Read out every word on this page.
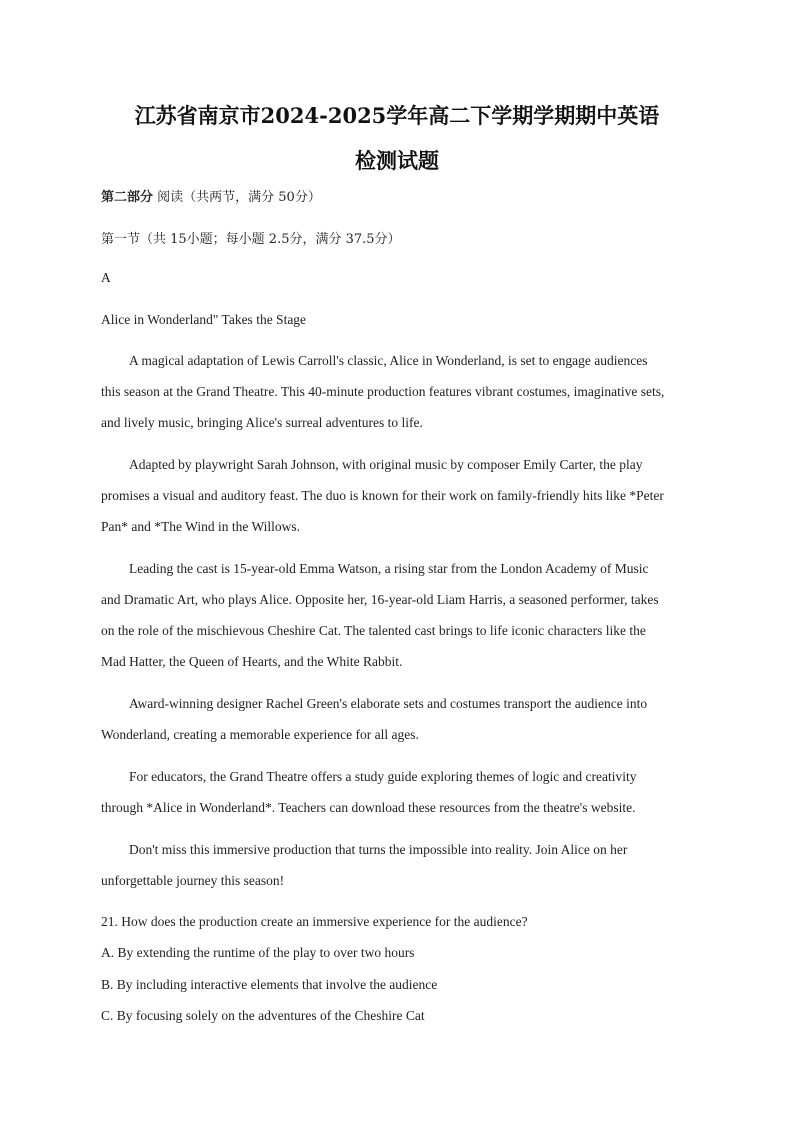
江苏省南京市2024-2025学年高二下学期学期期中英语
检测试题
第二部分 阅读（共两节，满分 50分）
第一节（共 15小题；每小题 2.5分，满分 37.5分）
A
Alice in Wonderland" Takes the Stage
A magical adaptation of Lewis Carroll's classic, Alice in Wonderland, is set to engage audiences
this season at the Grand Theatre. This 40-minute production features vibrant costumes, imaginative sets,
and lively music, bringing Alice's surreal adventures to life.
Adapted by playwright Sarah Johnson, with original music by composer Emily Carter, the play
promises a visual and auditory feast. The duo is known for their work on family-friendly hits like *Peter
Pan* and *The Wind in the Willows.
Leading the cast is 15-year-old Emma Watson, a rising star from the London Academy of Music
and Dramatic Art, who plays Alice. Opposite her, 16-year-old Liam Harris, a seasoned performer, takes
on the role of the mischievous Cheshire Cat. The talented cast brings to life iconic characters like the
Mad Hatter, the Queen of Hearts, and the White Rabbit.
Award-winning designer Rachel Green's elaborate sets and costumes transport the audience into
Wonderland, creating a memorable experience for all ages.
For educators, the Grand Theatre offers a study guide exploring themes of logic and creativity
through *Alice in Wonderland*. Teachers can download these resources from the theatre's website.
Don't miss this immersive production that turns the impossible into reality. Join Alice on her
unforgettable journey this season!
21. How does the production create an immersive experience for the audience?
A. By extending the runtime of the play to over two hours
B. By including interactive elements that involve the audience
C. By focusing solely on the adventures of the Cheshire Cat
